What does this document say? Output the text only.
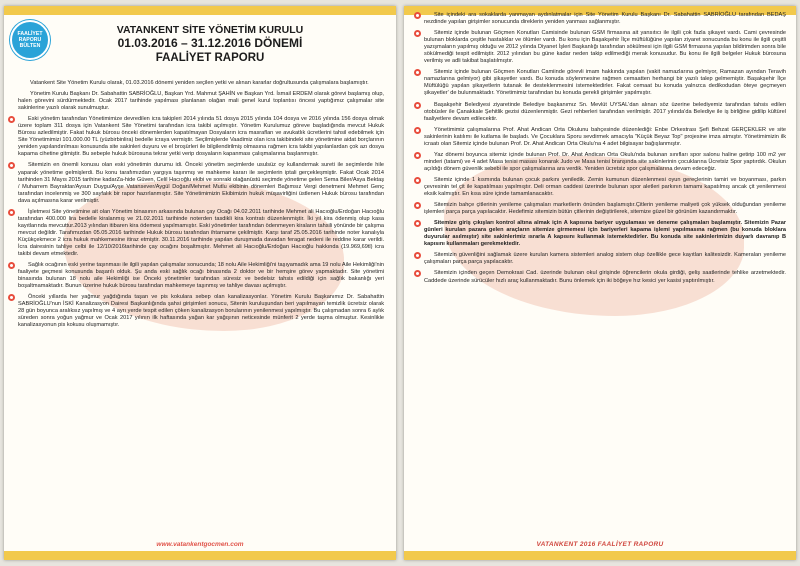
FAALİYET
RAPORU
BÜLTEN
VATANKENT SİTE YÖNETİM KURULU
01.03.2016 – 31.12.2016 DÖNEMİ
FAALİYET RAPORU

Vatankent Site Yönetim Kurulu olarak, 01.03.2016 dönemi yeniden seçilen yetki ve alınan kararlar doğrultusunda çalışmalara başlamıştır.

Yönetim Kurulu Başkanı Dr. Sabahattin SABRİOĞLU, Başkan Yrd. Mahmut ŞAHİN ve Başkan Yrd. İsmail ERDEM olarak görevi başlamış olup, halen görevini sürdürmektedir. Ocak 2017 tarihinde yapılması planlanan olağan mali genel kurul toplantısı öncesi yaptığımız çalışmalar site sakinlerine yazılı olarak sunulmuştur.

Eski yönetim tarafından Yönetimimize devredilen icra takipleri 2014 yılında 51 dosya 2015 yılında 104 dosya ve 2016 yılında 156 dosya olmak üzere toplam 311 dosya için Vatankent Site Yönetimi tarafından icra takibi açılmıştır. Yönetim Kurulumuz göreve başladığında mevcut Hukuk Bürosu azledilmiştir. Fakat hukuk bürosu önceki dönemlerden kapatılmayan Dosyaların icra masrafları ve avukatlık ücretlerini tahsil edebilmek için Site Yönetimimizi 101.000.00 TL (yüzbirbinlira) bedelle icraya vermiştir. Seçilmişlerde Vaadimiz olan icra takibindeki site yönetimine aidat borçlarının yeniden yapılandırılması konusunda site sakinleri duyuru ve el broşürleri ile bilgilendirilmiş olmasına rağmen icra takibi yapılanlardan çok azı dosya kapama cihetine gitmiştir. Bu sebeple hukuk bürosuna tekrar yetki verip dosyaların kapanması çalışmalarına başlanmıştır.

Sitemizin en önemli konusu olan eski yönetimin durumu idi. Önceki yönetim seçimlerde usulsüz oy kullandırmak sureti ile seçimlerde hile yaparak yönetime gelmişlerdi. Bu konu tarafımızdan yargıya taşınmış ve mahkeme kararı ile seçimlerin iptali gerçekleşmiştir. Fakat Ocak 2014 tarihinden 31 Mayıs 2015 tarihine kadarZa-hide Güven, Celil Hacıoğlu ekibi ve sonraki olağanüstü seçimde yönetime gelen Sema Biler/Asya Bektaş / Muharrem Bayraktar/Aysun Duygu/Ayşe Vatansever/Aygül Doğan/Mehmet Mutlu ekibinin dönemleri Bağımsız Vergi denetmeni Mehmet Genç tarafından incelenmiş ve 300 sayfalık bir rapor hazırlanmıştır. Site Yönetimimizin Ekibimizin hukuk müşavirliğini üstlenen Hukuk bürosu tarafından dava açılmasına karar verilmiştir.

İşletmesi Site yönetimine ait olan Yönetim binasının arkasında bulunan çay Ocağı 04.02.2011 tarihinde Mehmet ali Hacıoğlu/Erdoğan Hacıoğlu tarafından 400.000 lira bedelle kiralanmış ve 21.02.2011 tarihinde noterden tasdikli kira kontratı düzenlenmiştir. İki yıl kira ödenmiş olup kasa kayıtlarında mevcuttur.2013 yılından itibaren kira ödemesi yapılmamıştır. Eski yönetimler tarafından ödenmeyen kiraların tahsili yönünde bir çalışma mevcut değildir. Tarafımızdan 05.05.2016 tarihinde Hukuk bürosu tarafından ihtarname çekilmiştir. Karşı taraf 25.05.2016 tarihinde noter kanalıyla Küçükçekmece 2 icra hukuk mahkemesine itiraz etmiştir. 30.11.2016 tarihinde yapılan duruşmada davadan feragat nedeni ile reddine karar verildi. İcra dairesinin tahliye celbi ile 12/10/2016tarihinde çay ocağını boşaltmıştır. Mehmet ali Hacıoğlu/Erdoğan Hacıoğlu hakkında (19.969,69tl) icra takibi devam etmektedir.

Sağlık ocağının eski yerine taşınması ile ilgili yapılan çalışmalar sonucunda; 18 nolu Aile Hekimliği'ni taşıyamadık ama 19 nolu Aile Hekimliği'nin faaliyete geçmesi konusunda başarılı olduk. Şu anda eski sağlık ocağı binasında 2 doktor ve bir hemşire görev yapmaktadır. Site yönetimi binasında bulunan 18 nolu aile Hekimliği ise Önceki yönetimler tarafından süresiz ve bedelsiz tahsis edildiği için sağlık bakanlığı yeri boşaltmamaktadır. Bunun üzerine hukuk bürosu tarafından mahkemeye taşınmış ve tahliye davası açılmıştır.

Önceki yıllarda her yağmur yağdığında taşan ve pis kokulara sebep olan kanalizasyonlar. Yönetim Kurulu Başkanımız Dr. Sabahattin SABRİOĞLU'nun İSKİ Kanalizasyon Dairesi Başkanlığında şahsi girişimleri sonucu, Sitenin kuruluşundan beri yapılmayan temizlik ücretsiz olarak 28 gün boyunca aralıksız yapılmış ve 4 ayrı yerde tespit edilen çöken kanalizasyon borularının yenilenmesi yapılmıştır. Bu çalışmadan sonra 6 aylık süreden sonra yoğun yağmur ve Ocak 2017 yılının ilk haftasında yağan kar yağışının neticesinde münferit 2 yerde taşma olmuştur. Kesinlikle kanalizasyonun pis kokusu oluşmamıştır.

www.vatankentgocmen.com

Site içindeki ara sokaklarda yanmayan aydınlatmalar için Site Yönetim Kurulu Başkanı Dr. Sabahattin SABRİOĞLU tarafından BEDAŞ nezdinde yapılan girişimler sonucunda direklerin yeniden yanması sağlanmıştır.

Sitemiz içinde bulunan Göçmen Konutları Camisinde bulunan GSM firmasına ait yansıtıcı ile ilgili çok fazla şikayet vardı. Cami çevresinde bulunan bloklarda çeşitle hastalıklar ve ölümler vardı. Bu konu için Başakşehir İlçe müftülüğüne yapılan ziyaret sonucunda bu konu ile ilgili çeşitli yazışmaların yapılmış olduğu ve 2012 yılında Diyanet İşleri Başkanlığı tarafından sökülmesi için ilgili GSM firmasına yapılan bildirimden sonra bile sökülmediği tespit edilmiştir. 2012 yılından bu güne kadar neden takip edilmediği merak konusudur. Bu konu ile ilgili belgeler Hukuk bürosuna verilmiş ve adli takibat başlatılmıştır.

Sitemiz içinde bulunan Göçmen Konutları Camiinde görevli imam hakkında yapılan (vakit namazlarına gelmiyor, Ramazan ayından Teravih namazlarına gelmiyor) gibi şikayetler vardı. Bu konuda söylenmesine rağmen cemaatten herhangi bir yazılı talep gelmemiştir. Başakşehir İlçe Müftülüğü yapılan şikayetlerin tutanak ile desteklenmesini istemektedirler. Fakat cemaat bu konuda yalnızca dedikodudan öteye geçmeyen şikayetler' de bulunmaktadır. Yönetimimiz tarafından bu konuda gerekli girişimler yapılmıştır.

Başakşehir Belediyesi ziyaretinde Belediye başkanımız Sn. Mevlüt UYSAL'dan alınan söz üzerine belediyemiz tarafından tahsis edilen otobüsler ile Çanakkale Şehitlik gezisi düzenlenmiştir. Gezi rehberleri tarafından verilmiştir. 2017 yılında'da Belediye ile iş birliğine gidilip kültürel faaliyetlere devam edilecektir.

Yönetimimiz çalışmalarına Prof. Ahat Andican Orta Okulunu bahçesinde düzenlediği: Enbe Orkestrası Şefi Behzat GERÇEKLER ve site sakinlerinin katılımı ile kutlama ile başladı. Ve Çocuklara Sporu sevdirmek amacıyla "Küçük Beyaz Top" projesine imza atmıştır. Yönetimimizin ilk icraatı olan Sitemiz içinde bulunan Prof. Dr. Ahat Andican Orta Okulu'na 4 adet bilgisayar bağışlanmıştır.

Yaz dönemi boyunca sitemiz içinde bulunan Prof. Dr. Ahat Andican Orta Okulu'nda bulunan sınıfları spor salonu haline getirip 100 m2 yer minderi (tatami) ve 4 adet Masa tenisi masası konarak Judo ve Masa tenisi branşında site sakinlerinin çocuklarına Ücretsiz Spor yaptırdık. Okulun açıldığı dönem güvenlik sebebi ile spor çalışmalarına ara verdik. Yeniden ücretsiz spor çalışmalarına devam edeceğiz.

Sitemiz içinde 1 kısmında bulunan çocuk parkını yeniledik. Zemin kumunun düzenlenmesi oyun gereçlerinin tamiri ve boyanması, parkın çevresinin tel çit ile kapatılması yapılmıştır. Deli orman caddesi üzerinde bulunan spor aletleri parkının tamamı kapatılmış ancak çit yenilenmesi eksik kalmıştır. En kısa süre içinde tamamlanacaktır.

Sitemizin bahçe çitlerinin yenileme çalışmaları marketlerin önünden başlamıştır.Çitlerin yenileme maliyeti çok yüksek olduğundan yenileme işlemleri parça parça yapılacaktır. Hedefimiz sitemizin bütün çitlerinin değiştirilerek, sitemize güzel bir görünüm kazandırmaktır.

Sitemize giriş çıkışları kontrol altına almak için A kapısına bariyer uygulaması ve deneme çalışmaları başlamıştır. Sitemizin Pazar günleri kurulan pazara gelen araçların sitemize girmemesi için bariyerleri kapama işlemi yapılmasına rağmen (bu konuda bloklara duyurular asılmıştır) site sakinlerimiz ısrarla A kapısını kullanmak istemektedirler. Bu konuda site sakinlerimizin duyarlı davranıp B kapısını kullanmaları gerekmektedir.

Sitemizin güvenliğini sağlamak üzere kurulan kamera sistemleri analog sistem olup özellikle gece kayıtları kalitesizdir. Kameraları yenileme çalışmaları parça parça yapılacaktır.

Sitemizin içinden geçen Demokrasi Cad. üzerinde bulunan okul girişinde öğrencilerin okula girdiği, geliş saatlerinde tehlike arzetmektedir. Caddede üzerinde sürücüler hızlı araç kullanmaktadır. Bunu önlemek için iki böğeye hız kesici yer kasisi yaptırılmıştır.

VATANKENT 2016 FAALİYET RAPORU
